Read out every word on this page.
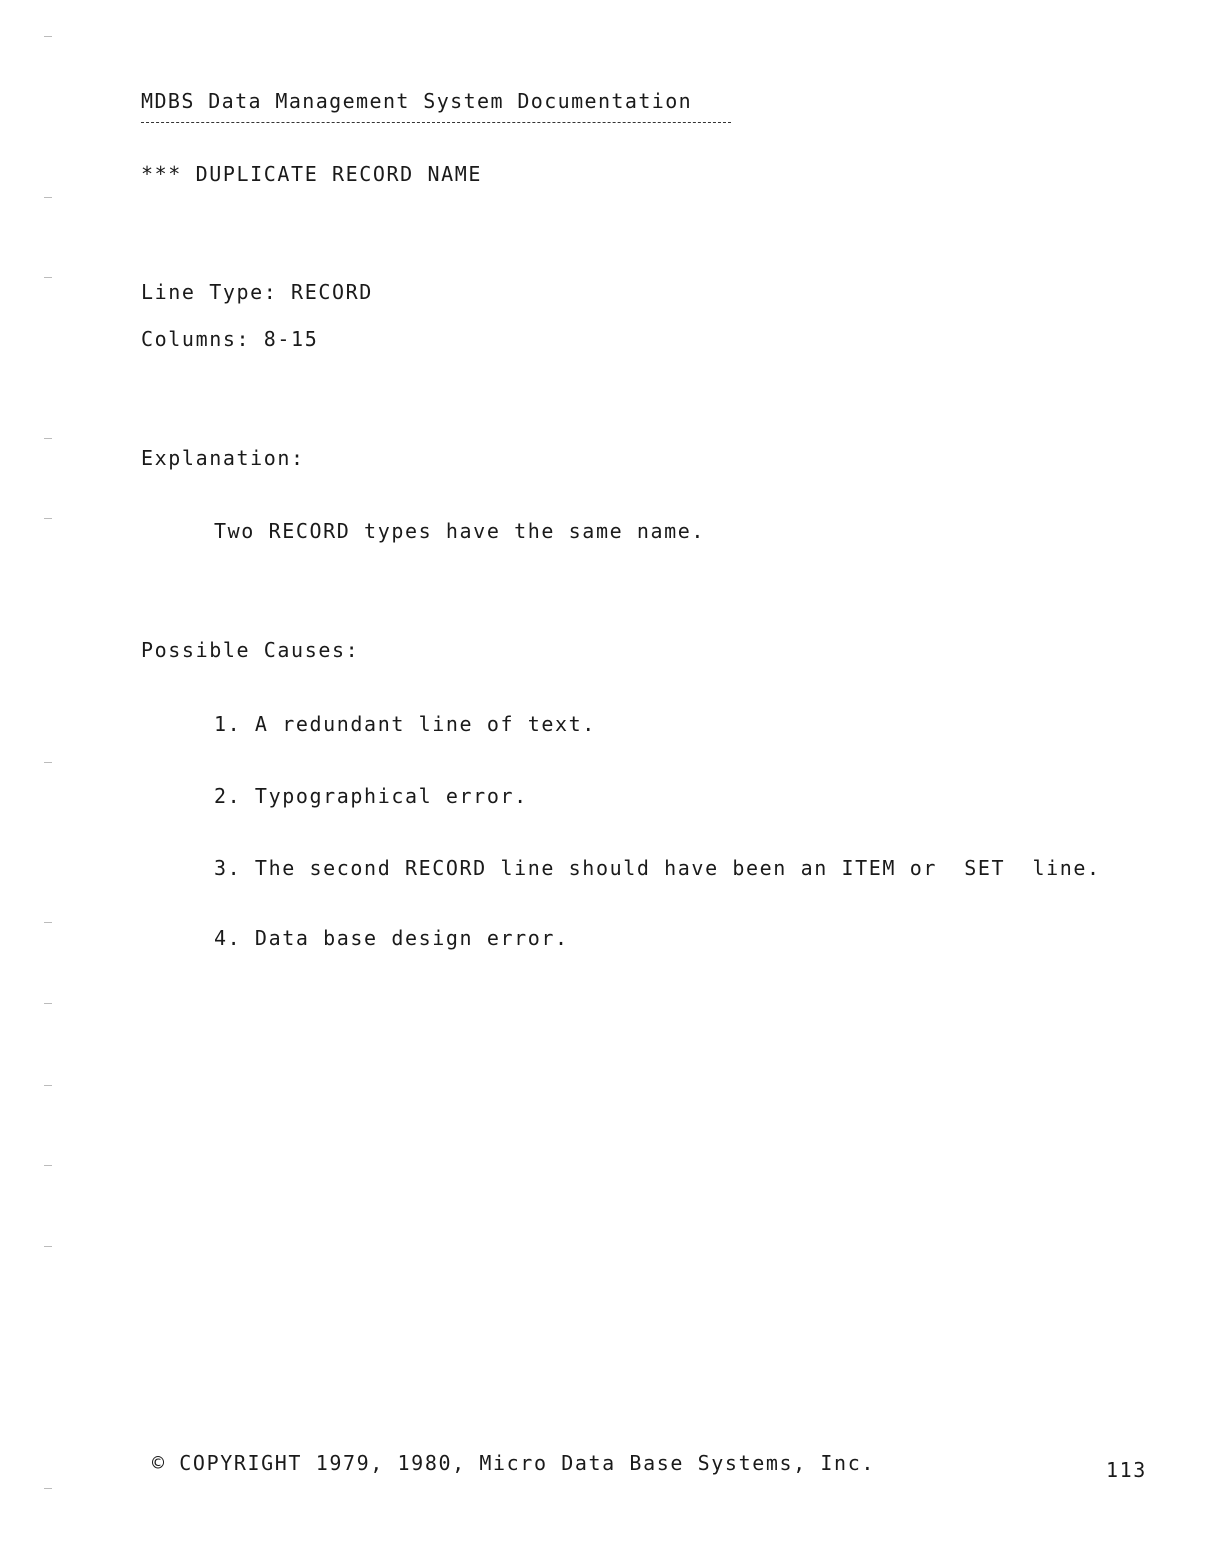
MDBS Data Management System Documentation
*** DUPLICATE RECORD NAME
Line Type: RECORD
Columns: 8-15
Explanation:
Two RECORD types have the same name.
Possible Causes:
1. A redundant line of text.
2. Typographical error.
3. The second RECORD line should have been an ITEM or  SET  line.
4. Data base design error.
© COPYRIGHT 1979, 1980, Micro Data Base Systems, Inc.	113
